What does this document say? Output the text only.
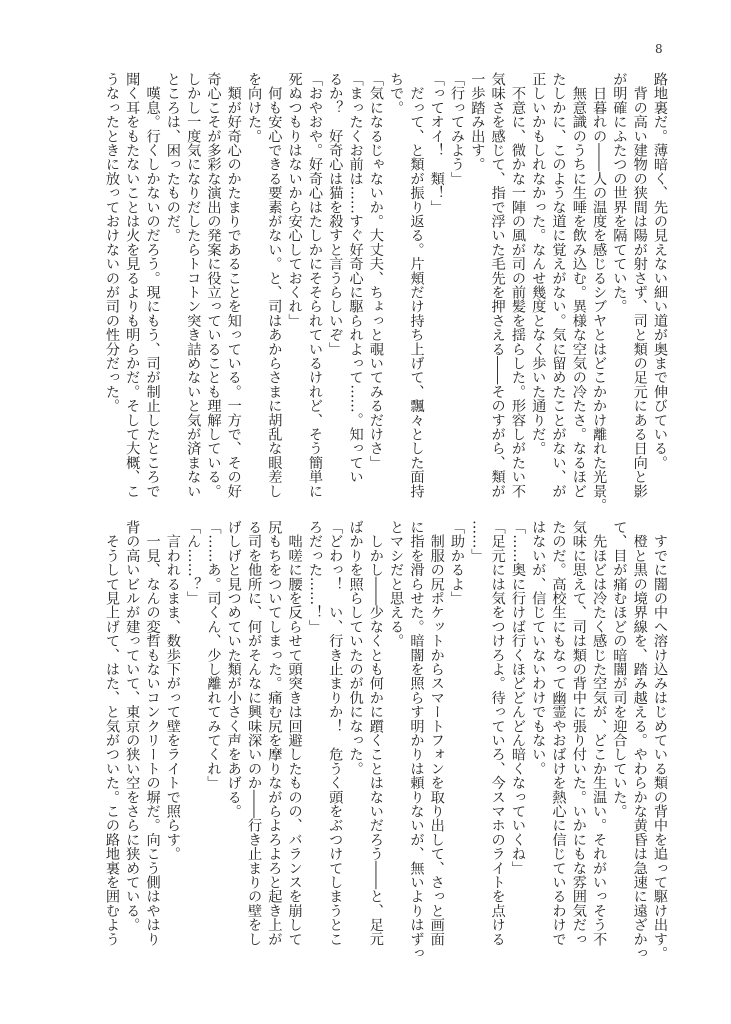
8
路地裏だ。薄暗く、先の見えない細い道が奥まで伸びている。
　背の高い建物の狭間は陽が射さず、司と類の足元にある日向と影
が明確にふたつの世界を隔てていた。
　日暮れの――人の温度を感じるシブヤとはどこかかけ離れた光景。
　無意識のうちに生唾を飲み込む。異様な空気の冷たさ。なるほど
たしかに、このような道に覚えがない。気に留めたことがない、が
正しいかもしれなかった。なんせ幾度となく歩いた通りだ。
　不意に、微かな一陣の風が司の前髪を揺らした。形容しがたい不
気味さを感じて、指で浮いた毛先を押さえる――そのすがら、類が
一歩踏み出す。
「行ってみよう」
「ってオイ！　類！」
　だって、と類が振り返る。片頬だけ持ち上げて、飄々とした面持
ちで。
「気になるじゃないか。大丈夫、ちょっと覗いてみるだけさ」
「まったくお前は……すぐ好奇心に駆られよって……。知ってい
るか？　好奇心は猫を殺すと言うらしいぞ」
「おやおや。好奇心はたしかにそそられているけれど、そう簡単に
死ぬつもりはないから安心しておくれ」
　何も安心できる要素がない。と、司はあからさまに胡乱な眼差し
を向けた。
　類が好奇心のかたまりであることを知っている。一方で、その好
奇心こそが多彩な演出の発案に役立っていることも理解している。
しかし一度気になりだしたらトコトン突き詰めないと気が済まない
ところは、困ったものだ。
　嘆息。行くしかないのだろう。現にもう、司が制止したところで
聞く耳をもたないことは火を見るよりも明らかだ。そして大概、こ
うなったときに放っておけないのが司の性分だった。
　すでに闇の中へ溶け込みはじめている類の背中を追って駆け出す。
　橙と黒の境界線を、踏み越える。やわらかな黄昏は急速に遠ざかっ
て、目が痛むほどの暗闇が司を迎合していた。
　先ほどは冷たく感じた空気が、どこか生温い。それがいっそう不
気味に思えて、司は類の背中に張り付いた。いかにもな雰囲気だっ
たのだ。高校生にもなって幽霊やおばけを熱心に信じているわけで
はないが、信じていないわけでもない。
「……奥に行けば行くほどどんどん暗くなっていくね」
「足元には気をつけろよ。待っていろ、今スマホのライトを点ける
……」
「助かるよ」
　制服の尻ポケットからスマートフォンを取り出して、さっと画面
に指を滑らせた。暗闇を照らす明かりは頼りないが、無いよりはずっ
とマシだと思える。
　しかし――少なくとも何かに躓くことはないだろう――と、足元
ばかりを照らしていたのが仇になった。
「どわっ！　い、行き止まりか！　危うく頭をぶつけてしまうとこ
ろだった……！」
　咄嗟に腰を反らせて頭突きは回避したものの、バランスを崩して
尻もちをついてしまった。痛む尻を摩りながらよろよろと起き上が
る司を他所に、何がそんなに興味深いのか――行き止まりの壁をし
げしげと見つめていた類が小さく声をあげる。
「……あ。司くん、少し離れてみてくれ」
「ん……？」
　言われるまま、数歩下がって壁をライトで照らす。
　一見、なんの変哲もないコンクリートの塀だ。向こう側はやはり
背の高いビルが建っていて、東京の狭い空をさらに狭めている。
　そうして見上げて、はた、と気がついた。この路地裏を囲むよう
